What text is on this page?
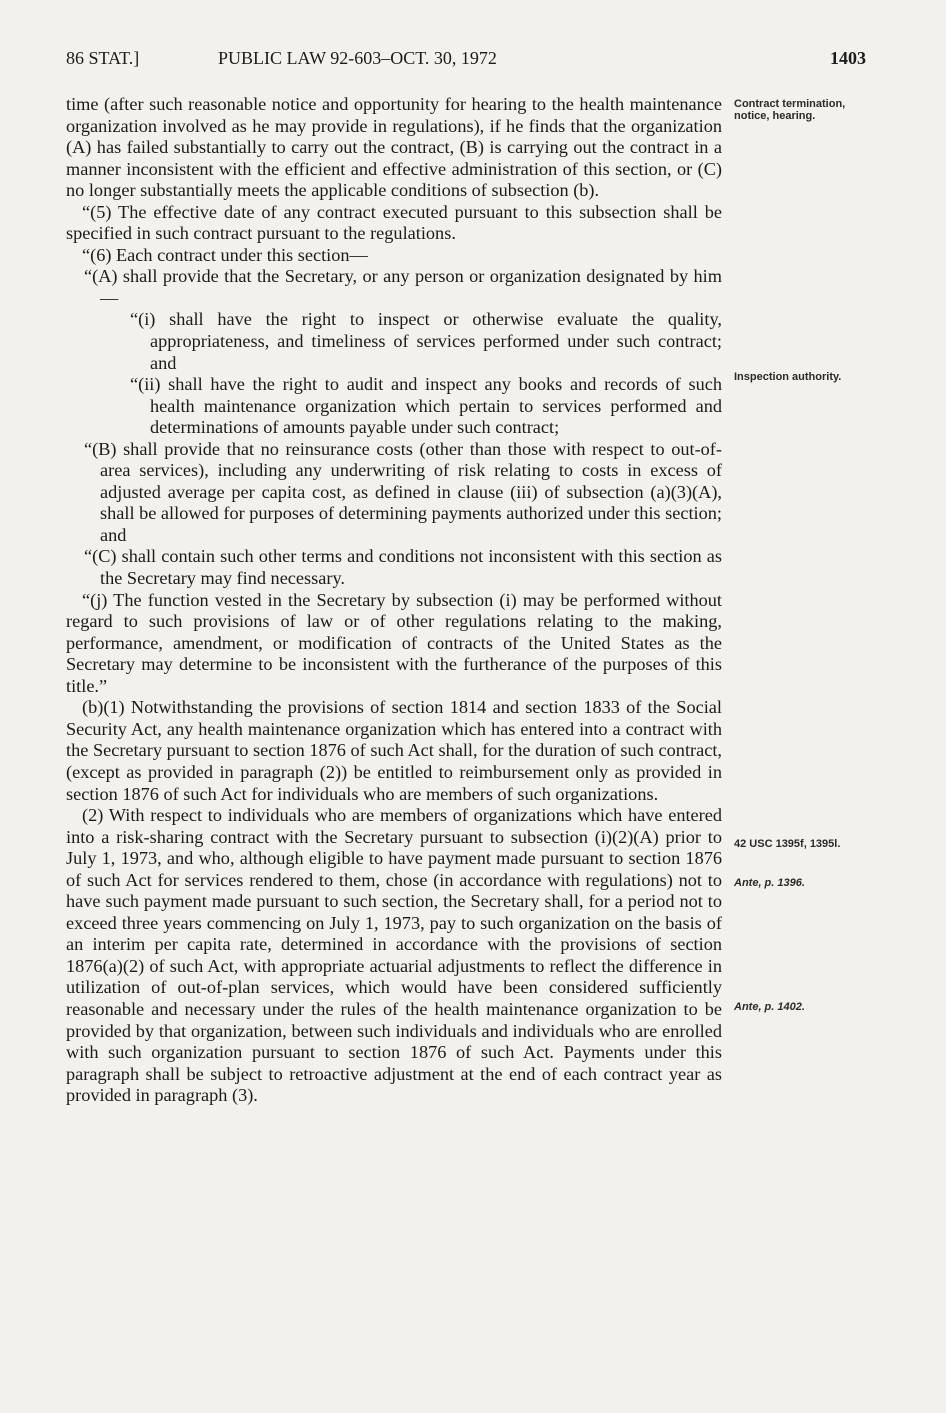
86 STAT.]	PUBLIC LAW 92-603–OCT. 30, 1972	1403

time (after such reasonable notice and opportunity for hearing to the health maintenance organization involved as he may provide in regulations), if he finds that the organization (A) has failed substantially to carry out the contract, (B) is carrying out the contract in a manner inconsistent with the efficient and effective administration of this section, or (C) no longer substantially meets the applicable conditions of subsection (b).

“(5) The effective date of any contract executed pursuant to this subsection shall be specified in such contract pursuant to the regulations.

“(6) Each contract under this section—

“(A) shall provide that the Secretary, or any person or organization designated by him—

“(i) shall have the right to inspect or otherwise evaluate the quality, appropriateness, and timeliness of services performed under such contract; and

“(ii) shall have the right to audit and inspect any books and records of such health maintenance organization which pertain to services performed and determinations of amounts payable under such contract;

“(B) shall provide that no reinsurance costs (other than those with respect to out-of-area services), including any underwriting of risk relating to costs in excess of adjusted average per capita cost, as defined in clause (iii) of subsection (a)(3)(A), shall be allowed for purposes of determining payments authorized under this section; and

“(C) shall contain such other terms and conditions not inconsistent with this section as the Secretary may find necessary.

“(j) The function vested in the Secretary by subsection (i) may be performed without regard to such provisions of law or of other regulations relating to the making, performance, amendment, or modification of contracts of the United States as the Secretary may determine to be inconsistent with the furtherance of the purposes of this title.”

(b)(1) Notwithstanding the provisions of section 1814 and section 1833 of the Social Security Act, any health maintenance organization which has entered into a contract with the Secretary pursuant to section 1876 of such Act shall, for the duration of such contract, (except as provided in paragraph (2)) be entitled to reimbursement only as provided in section 1876 of such Act for individuals who are members of such organizations.

(2) With respect to individuals who are members of organizations which have entered into a risk-sharing contract with the Secretary pursuant to subsection (i)(2)(A) prior to July 1, 1973, and who, although eligible to have payment made pursuant to section 1876 of such Act for services rendered to them, chose (in accordance with regulations) not to have such payment made pursuant to such section, the Secretary shall, for a period not to exceed three years commencing on July 1, 1973, pay to such organization on the basis of an interim per capita rate, determined in accordance with the provisions of section 1876(a)(2) of such Act, with appropriate actuarial adjustments to reflect the difference in utilization of out-of-plan services, which would have been considered sufficiently reasonable and necessary under the rules of the health maintenance organization to be provided by that organization, between such individuals and individuals who are enrolled with such organization pursuant to section 1876 of such Act. Payments under this paragraph shall be subject to retroactive adjustment at the end of each contract year as provided in paragraph (3).

Contract termination, notice, hearing.
Inspection authority.
42 USC 1395f, 1395l.
Ante, p. 1396.
Ante, p. 1402.
